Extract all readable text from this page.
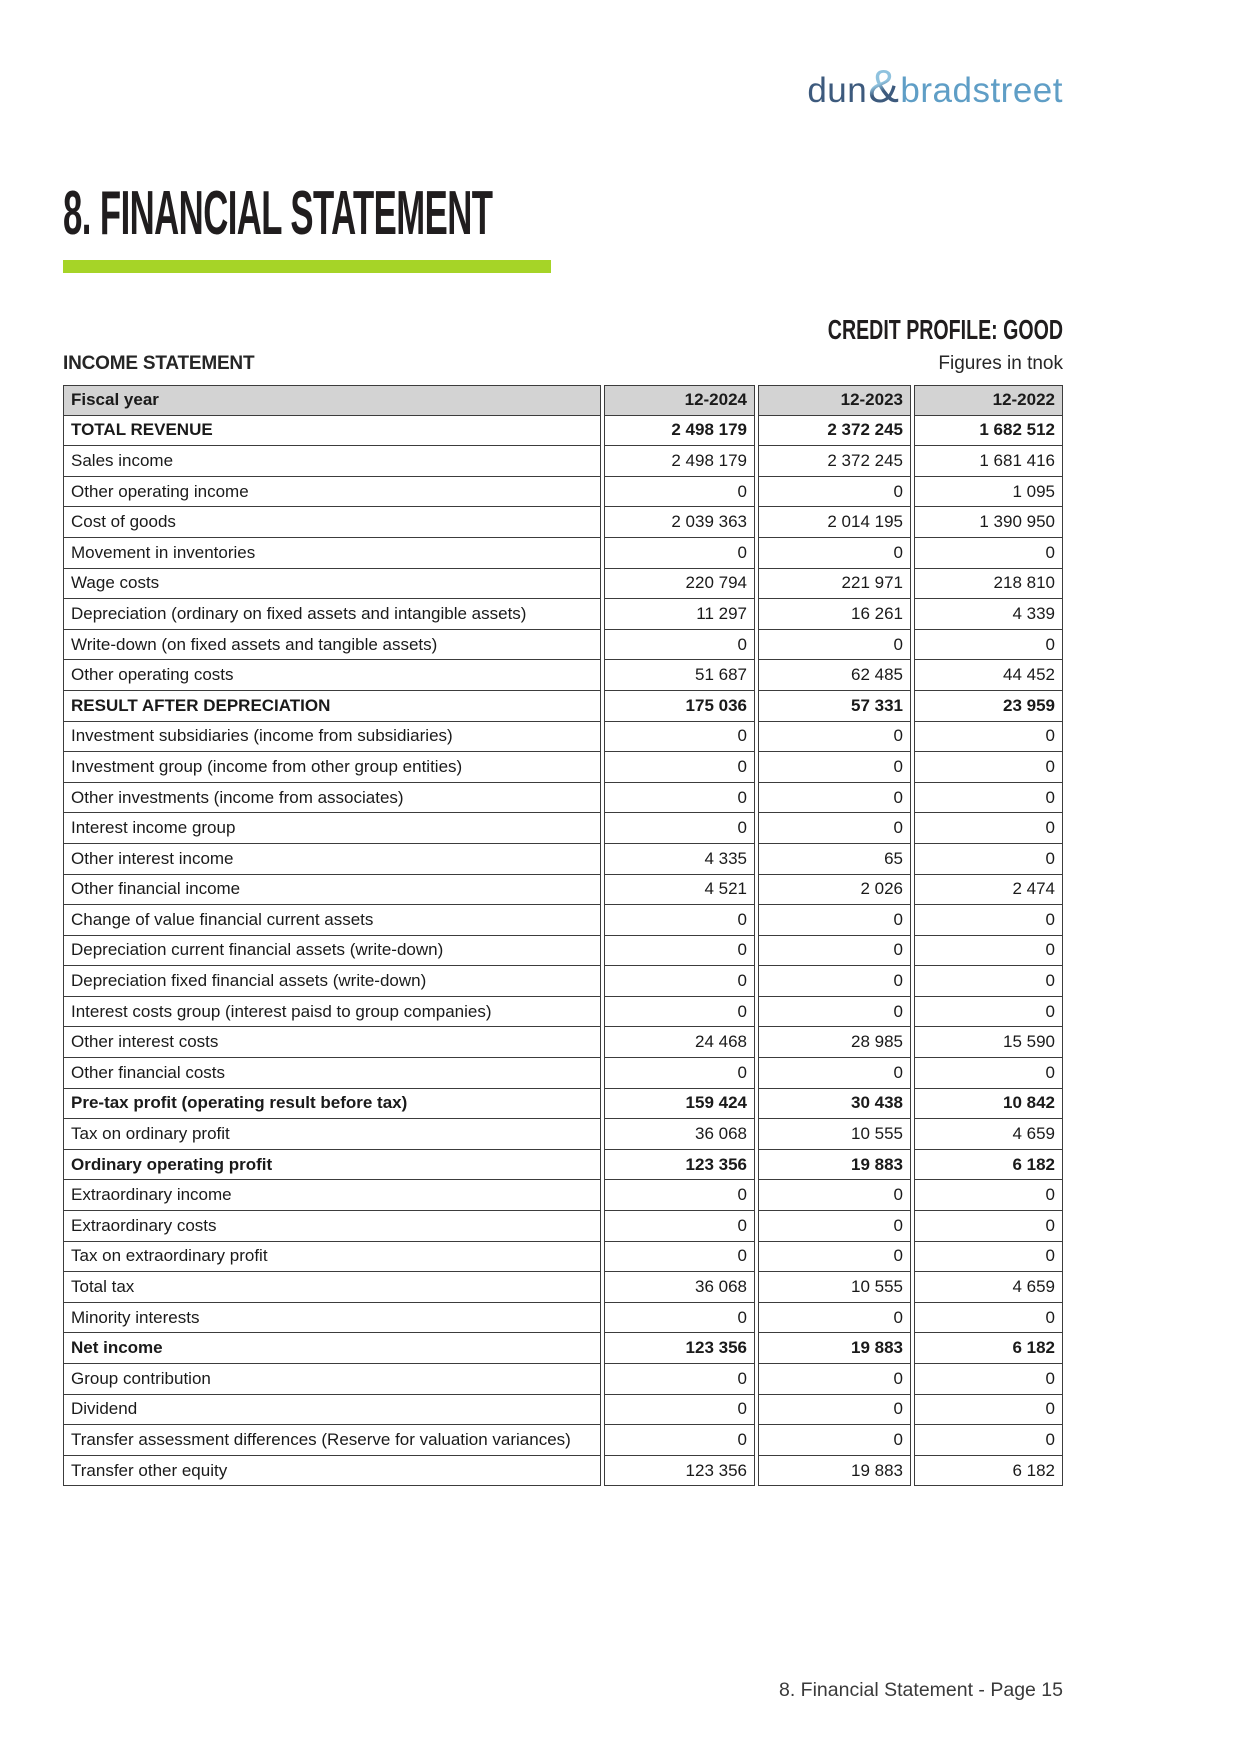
dun & bradstreet
8. FINANCIAL STATEMENT
CREDIT PROFILE: GOOD
INCOME STATEMENT	Figures in tnok
Fiscal year	12-2024	12-2023	12-2022
TOTAL REVENUE	2 498 179	2 372 245	1 682 512
Sales income	2 498 179	2 372 245	1 681 416
Other operating income	0	0	1 095
Cost of goods	2 039 363	2 014 195	1 390 950
Movement in inventories	0	0	0
Wage costs	220 794	221 971	218 810
Depreciation (ordinary on fixed assets and intangible assets)	11 297	16 261	4 339
Write-down (on fixed assets and tangible assets)	0	0	0
Other operating costs	51 687	62 485	44 452
RESULT AFTER DEPRECIATION	175 036	57 331	23 959
Investment subsidiaries (income from subsidiaries)	0	0	0
Investment group (income from other group entities)	0	0	0
Other investments (income from associates)	0	0	0
Interest income group	0	0	0
Other interest income	4 335	65	0
Other financial income	4 521	2 026	2 474
Change of value financial current assets	0	0	0
Depreciation current financial assets (write-down)	0	0	0
Depreciation fixed financial assets (write-down)	0	0	0
Interest costs group (interest paisd to group companies)	0	0	0
Other interest costs	24 468	28 985	15 590
Other financial costs	0	0	0
Pre-tax profit (operating result before tax)	159 424	30 438	10 842
Tax on ordinary profit	36 068	10 555	4 659
Ordinary operating profit	123 356	19 883	6 182
Extraordinary income	0	0	0
Extraordinary costs	0	0	0
Tax on extraordinary profit	0	0	0
Total tax	36 068	10 555	4 659
Minority interests	0	0	0
Net income	123 356	19 883	6 182
Group contribution	0	0	0
Dividend	0	0	0
Transfer assessment differences (Reserve for valuation variances)	0	0	0
Transfer other equity	123 356	19 883	6 182
8. Financial Statement - Page 15
